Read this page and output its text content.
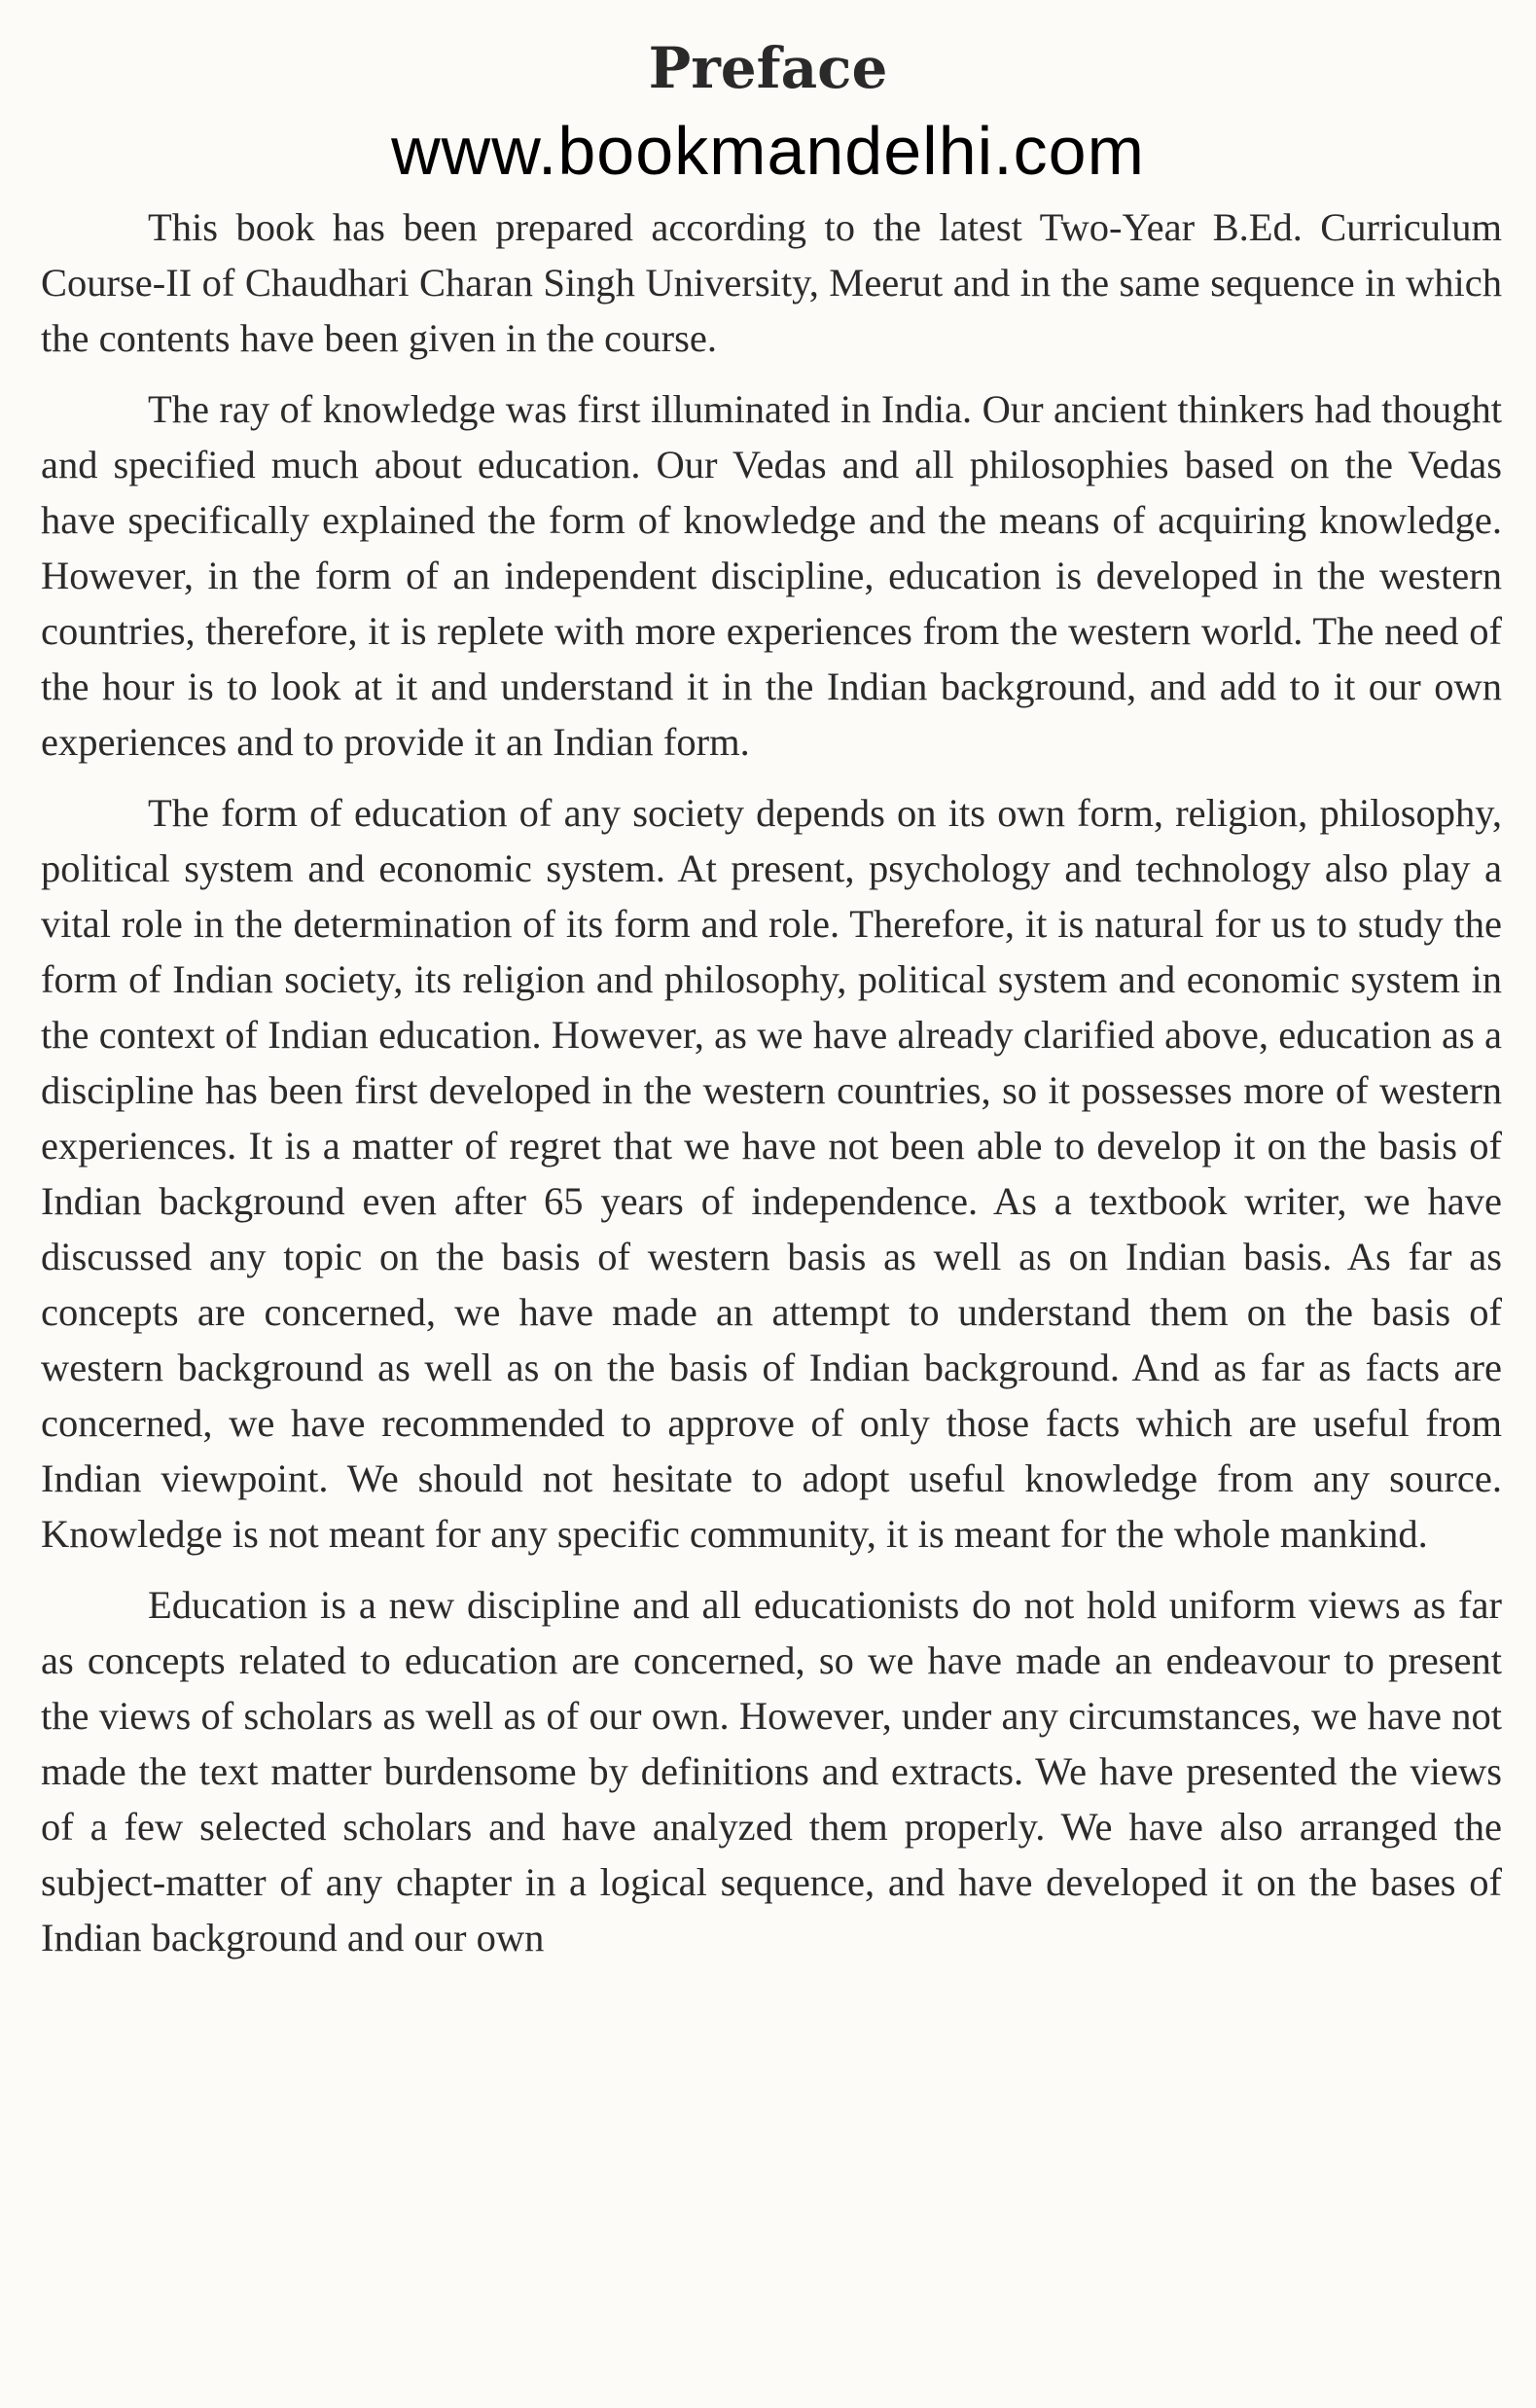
Preface
www.bookmandelhi.com

This book has been prepared according to the latest Two-Year B.Ed. Curriculum Course-II of Chaudhari Charan Singh University, Meerut and in the same sequence in which the contents have been given in the course.

The ray of knowledge was first illuminated in India. Our ancient thinkers had thought and specified much about education. Our Vedas and all philosophies based on the Vedas have specifically explained the form of knowledge and the means of acquiring knowledge. However, in the form of an independent discipline, education is developed in the western countries, therefore, it is replete with more experiences from the western world. The need of the hour is to look at it and understand it in the Indian background, and add to it our own experiences and to provide it an Indian form.

The form of education of any society depends on its own form, religion, philosophy, political system and economic system. At present, psychology and technology also play a vital role in the determination of its form and role. Therefore, it is natural for us to study the form of Indian society, its religion and philosophy, political system and economic system in the context of Indian education. However, as we have already clarified above, education as a discipline has been first developed in the western countries, so it possesses more of western experiences. It is a matter of regret that we have not been able to develop it on the basis of Indian background even after 65 years of independence. As a textbook writer, we have discussed any topic on the basis of western basis as well as on Indian basis. As far as concepts are concerned, we have made an attempt to understand them on the basis of western background as well as on the basis of Indian background. And as far as facts are concerned, we have recommended to approve of only those facts which are useful from Indian viewpoint. We should not hesitate to adopt useful knowledge from any source. Knowledge is not meant for any specific community, it is meant for the whole mankind.

Education is a new discipline and all educationists do not hold uniform views as far as concepts related to education are concerned, so we have made an endeavour to present the views of scholars as well as of our own. However, under any circumstances, we have not made the text matter burdensome by definitions and extracts. We have presented the views of a few selected scholars and have analyzed them properly. We have also arranged the subject-matter of any chapter in a logical sequence, and have developed it on the bases of Indian background and our own
